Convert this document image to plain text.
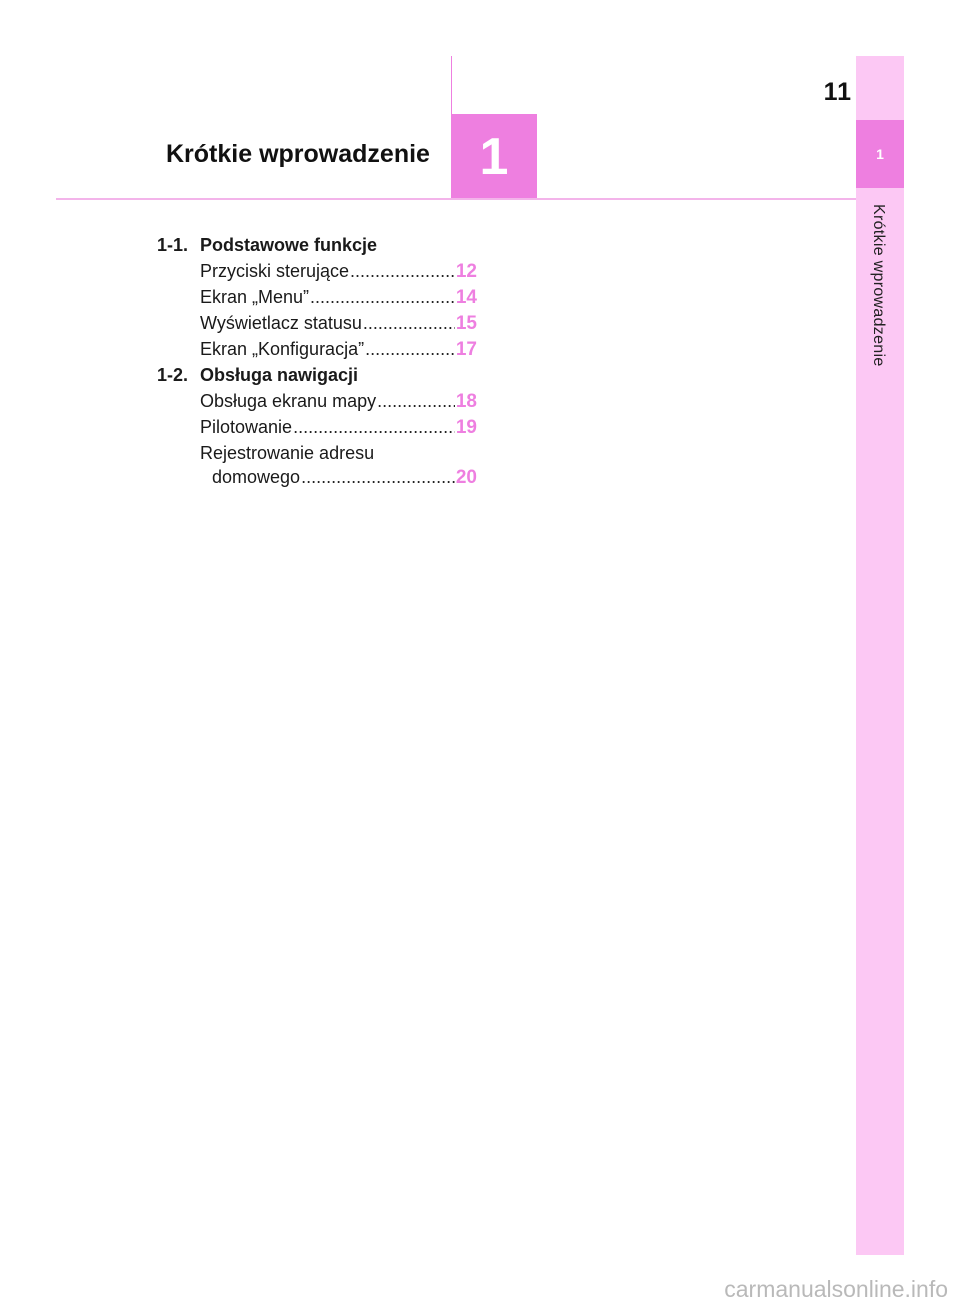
11
1
Krótkie wprowadzenie
Krótkie wprowadzenie 1
1-1. Podstawowe funkcje
Przyciski sterujące .....	12
Ekran „Menu” .....	14
Wyświetlacz statusu .....	15
Ekran „Konfiguracja” .....	17
1-2. Obsługa nawigacji
Obsługa ekranu mapy .....	18
Pilotowanie .....	19
Rejestrowanie adresu
domowego .....	20
carmanualsonline.info
